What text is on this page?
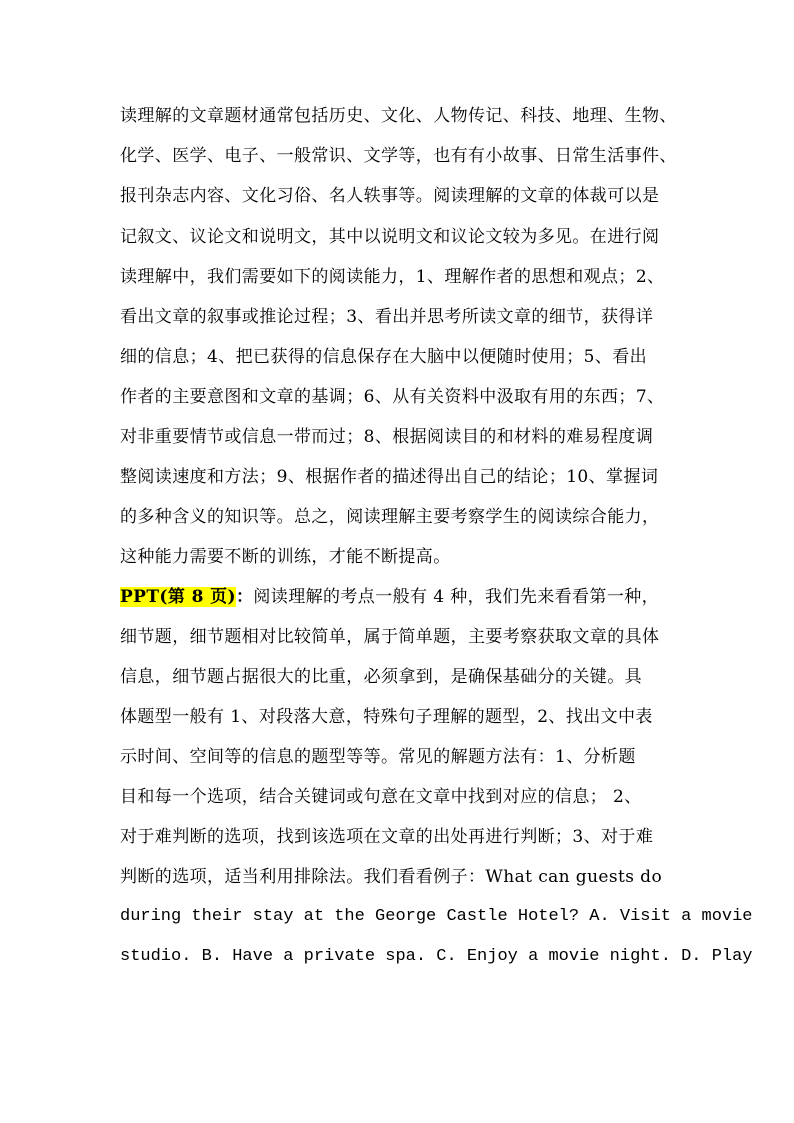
读理解的文章题材通常包括历史、文化、人物传记、科技、地理、生物、
化学、医学、电子、一般常识、文学等，也有有小故事、日常生活事件、
报刊杂志内容、文化习俗、名人轶事等。阅读理解的文章的体裁可以是
记叙文、议论文和说明文，其中以说明文和议论文较为多见。在进行阅
读理解中，我们需要如下的阅读能力，1、理解作者的思想和观点；2、
看出文章的叙事或推论过程；3、看出并思考所读文章的细节，获得详
细的信息；4、把已获得的信息保存在大脑中以便随时使用；5、看出
作者的主要意图和文章的基调；6、从有关资料中汲取有用的东西；7、
对非重要情节或信息一带而过；8、根据阅读目的和材料的难易程度调
整阅读速度和方法；9、根据作者的描述得出自己的结论；10、掌握词
的多种含义的知识等。总之，阅读理解主要考察学生的阅读综合能力，
这种能力需要不断的训练，才能不断提高。
PPT(第 8 页)：阅读理解的考点一般有 4 种，我们先来看看第一种，
细节题，细节题相对比较简单，属于简单题，主要考察获取文章的具体
信息，细节题占据很大的比重，必须拿到，是确保基础分的关键。具
体题型一般有 1、对段落大意，特殊句子理解的题型，2、找出文中表
示时间、空间等的信息的题型等等。常见的解题方法有：1、分析题
目和每一个选项，结合关键词或句意在文章中找到对应的信息； 2、
对于难判断的选项，找到该选项在文章的出处再进行判断；3、对于难
判断的选项，适当利用排除法。我们看看例子：What can guests do
during their stay at the George Castle Hotel? A. Visit a movie
studio. B. Have a private spa. C. Enjoy a movie night. D. Play
